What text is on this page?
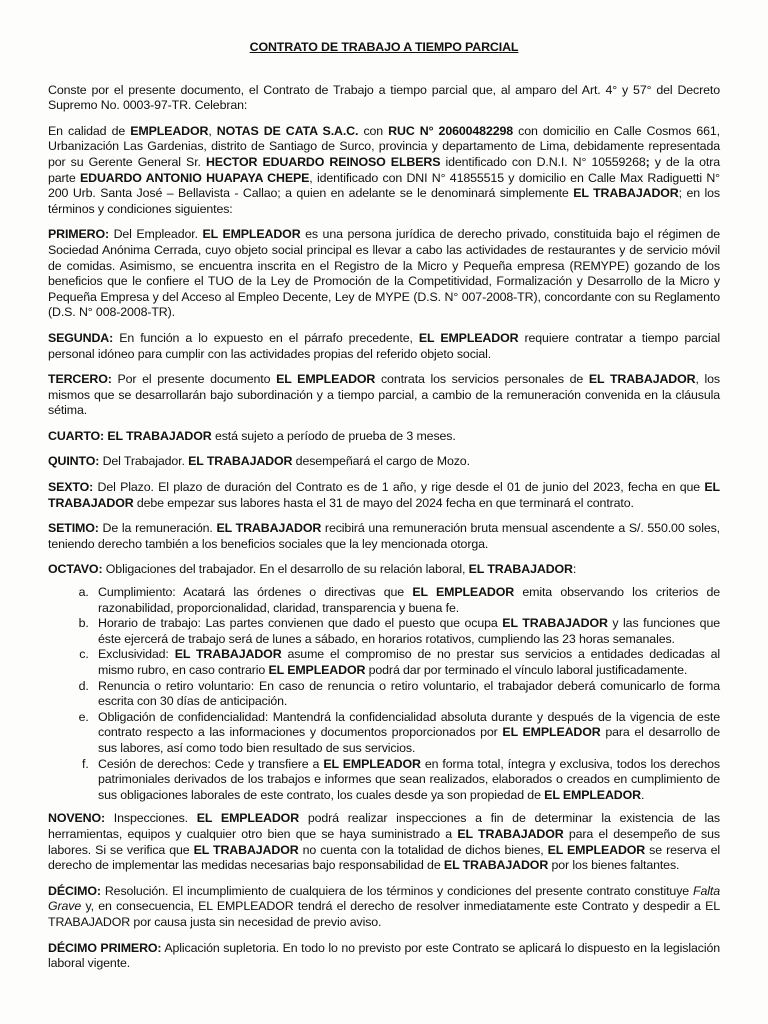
CONTRATO DE TRABAJO A TIEMPO PARCIAL

Conste por el presente documento, el Contrato de Trabajo a tiempo parcial que, al amparo del Art. 4° y 57° del Decreto Supremo No. 0003-97-TR. Celebran:

En calidad de EMPLEADOR, NOTAS DE CATA S.A.C. con RUC N° 20600482298 con domicilio en Calle Cosmos 661, Urbanización Las Gardenias, distrito de Santiago de Surco, provincia y departamento de Lima, debidamente representada por su Gerente General Sr. HECTOR EDUARDO REINOSO ELBERS identificado con D.N.I. N° 10559268; y de la otra parte EDUARDO ANTONIO HUAPAYA CHEPE, identificado con DNI N° 41855515 y domicilio en Calle Max Radiguetti N° 200 Urb. Santa José – Bellavista - Callao; a quien en adelante se le denominará simplemente EL TRABAJADOR; en los términos y condiciones siguientes:

PRIMERO: Del Empleador. EL EMPLEADOR es una persona jurídica de derecho privado, constituida bajo el régimen de Sociedad Anónima Cerrada, cuyo objeto social principal es llevar a cabo las actividades de restaurantes y de servicio móvil de comidas. Asimismo, se encuentra inscrita en el Registro de la Micro y Pequeña empresa (REMYPE) gozando de los beneficios que le confiere el TUO de la Ley de Promoción de la Competitividad, Formalización y Desarrollo de la Micro y Pequeña Empresa y del Acceso al Empleo Decente, Ley de MYPE (D.S. N° 007-2008-TR), concordante con su Reglamento (D.S. N° 008-2008-TR).

SEGUNDA: En función a lo expuesto en el párrafo precedente, EL EMPLEADOR requiere contratar a tiempo parcial personal idóneo para cumplir con las actividades propias del referido objeto social.

TERCERO: Por el presente documento EL EMPLEADOR contrata los servicios personales de EL TRABAJADOR, los mismos que se desarrollarán bajo subordinación y a tiempo parcial, a cambio de la remuneración convenida en la cláusula sétima.

CUARTO: EL TRABAJADOR está sujeto a período de prueba de 3 meses.

QUINTO: Del Trabajador. EL TRABAJADOR desempeñará el cargo de Mozo.

SEXTO: Del Plazo. El plazo de duración del Contrato es de 1 año, y rige desde el 01 de junio del 2023, fecha en que EL TRABAJADOR debe empezar sus labores hasta el 31 de mayo del 2024 fecha en que terminará el contrato.

SETIMO: De la remuneración. EL TRABAJADOR recibirá una remuneración bruta mensual ascendente a S/. 550.00 soles, teniendo derecho también a los beneficios sociales que la ley mencionada otorga.

OCTAVO: Obligaciones del trabajador. En el desarrollo de su relación laboral, EL TRABAJADOR:

a. Cumplimiento: Acatará las órdenes o directivas que EL EMPLEADOR emita observando los criterios de razonabilidad, proporcionalidad, claridad, transparencia y buena fe.
b. Horario de trabajo: Las partes convienen que dado el puesto que ocupa EL TRABAJADOR y las funciones que éste ejercerá de trabajo será de lunes a sábado, en horarios rotativos, cumpliendo las 23 horas semanales.
c. Exclusividad: EL TRABAJADOR asume el compromiso de no prestar sus servicios a entidades dedicadas al mismo rubro, en caso contrario EL EMPLEADOR podrá dar por terminado el vínculo laboral justificadamente.
d. Renuncia o retiro voluntario: En caso de renuncia o retiro voluntario, el trabajador deberá comunicarlo de forma escrita con 30 días de anticipación.
e. Obligación de confidencialidad: Mantendrá la confidencialidad absoluta durante y después de la vigencia de este contrato respecto a las informaciones y documentos proporcionados por EL EMPLEADOR para el desarrollo de sus labores, así como todo bien resultado de sus servicios.
f. Cesión de derechos: Cede y transfiere a EL EMPLEADOR en forma total, íntegra y exclusiva, todos los derechos patrimoniales derivados de los trabajos e informes que sean realizados, elaborados o creados en cumplimiento de sus obligaciones laborales de este contrato, los cuales desde ya son propiedad de EL EMPLEADOR.

NOVENO: Inspecciones. EL EMPLEADOR podrá realizar inspecciones a fin de determinar la existencia de las herramientas, equipos y cualquier otro bien que se haya suministrado a EL TRABAJADOR para el desempeño de sus labores. Si se verifica que EL TRABAJADOR no cuenta con la totalidad de dichos bienes, EL EMPLEADOR se reserva el derecho de implementar las medidas necesarias bajo responsabilidad de EL TRABAJADOR por los bienes faltantes.

DÉCIMO: Resolución. El incumplimiento de cualquiera de los términos y condiciones del presente contrato constituye Falta Grave y, en consecuencia, EL EMPLEADOR tendrá el derecho de resolver inmediatamente este Contrato y despedir a EL TRABAJADOR por causa justa sin necesidad de previo aviso.

DÉCIMO PRIMERO: Aplicación supletoria. En todo lo no previsto por este Contrato se aplicará lo dispuesto en la legislación laboral vigente.
